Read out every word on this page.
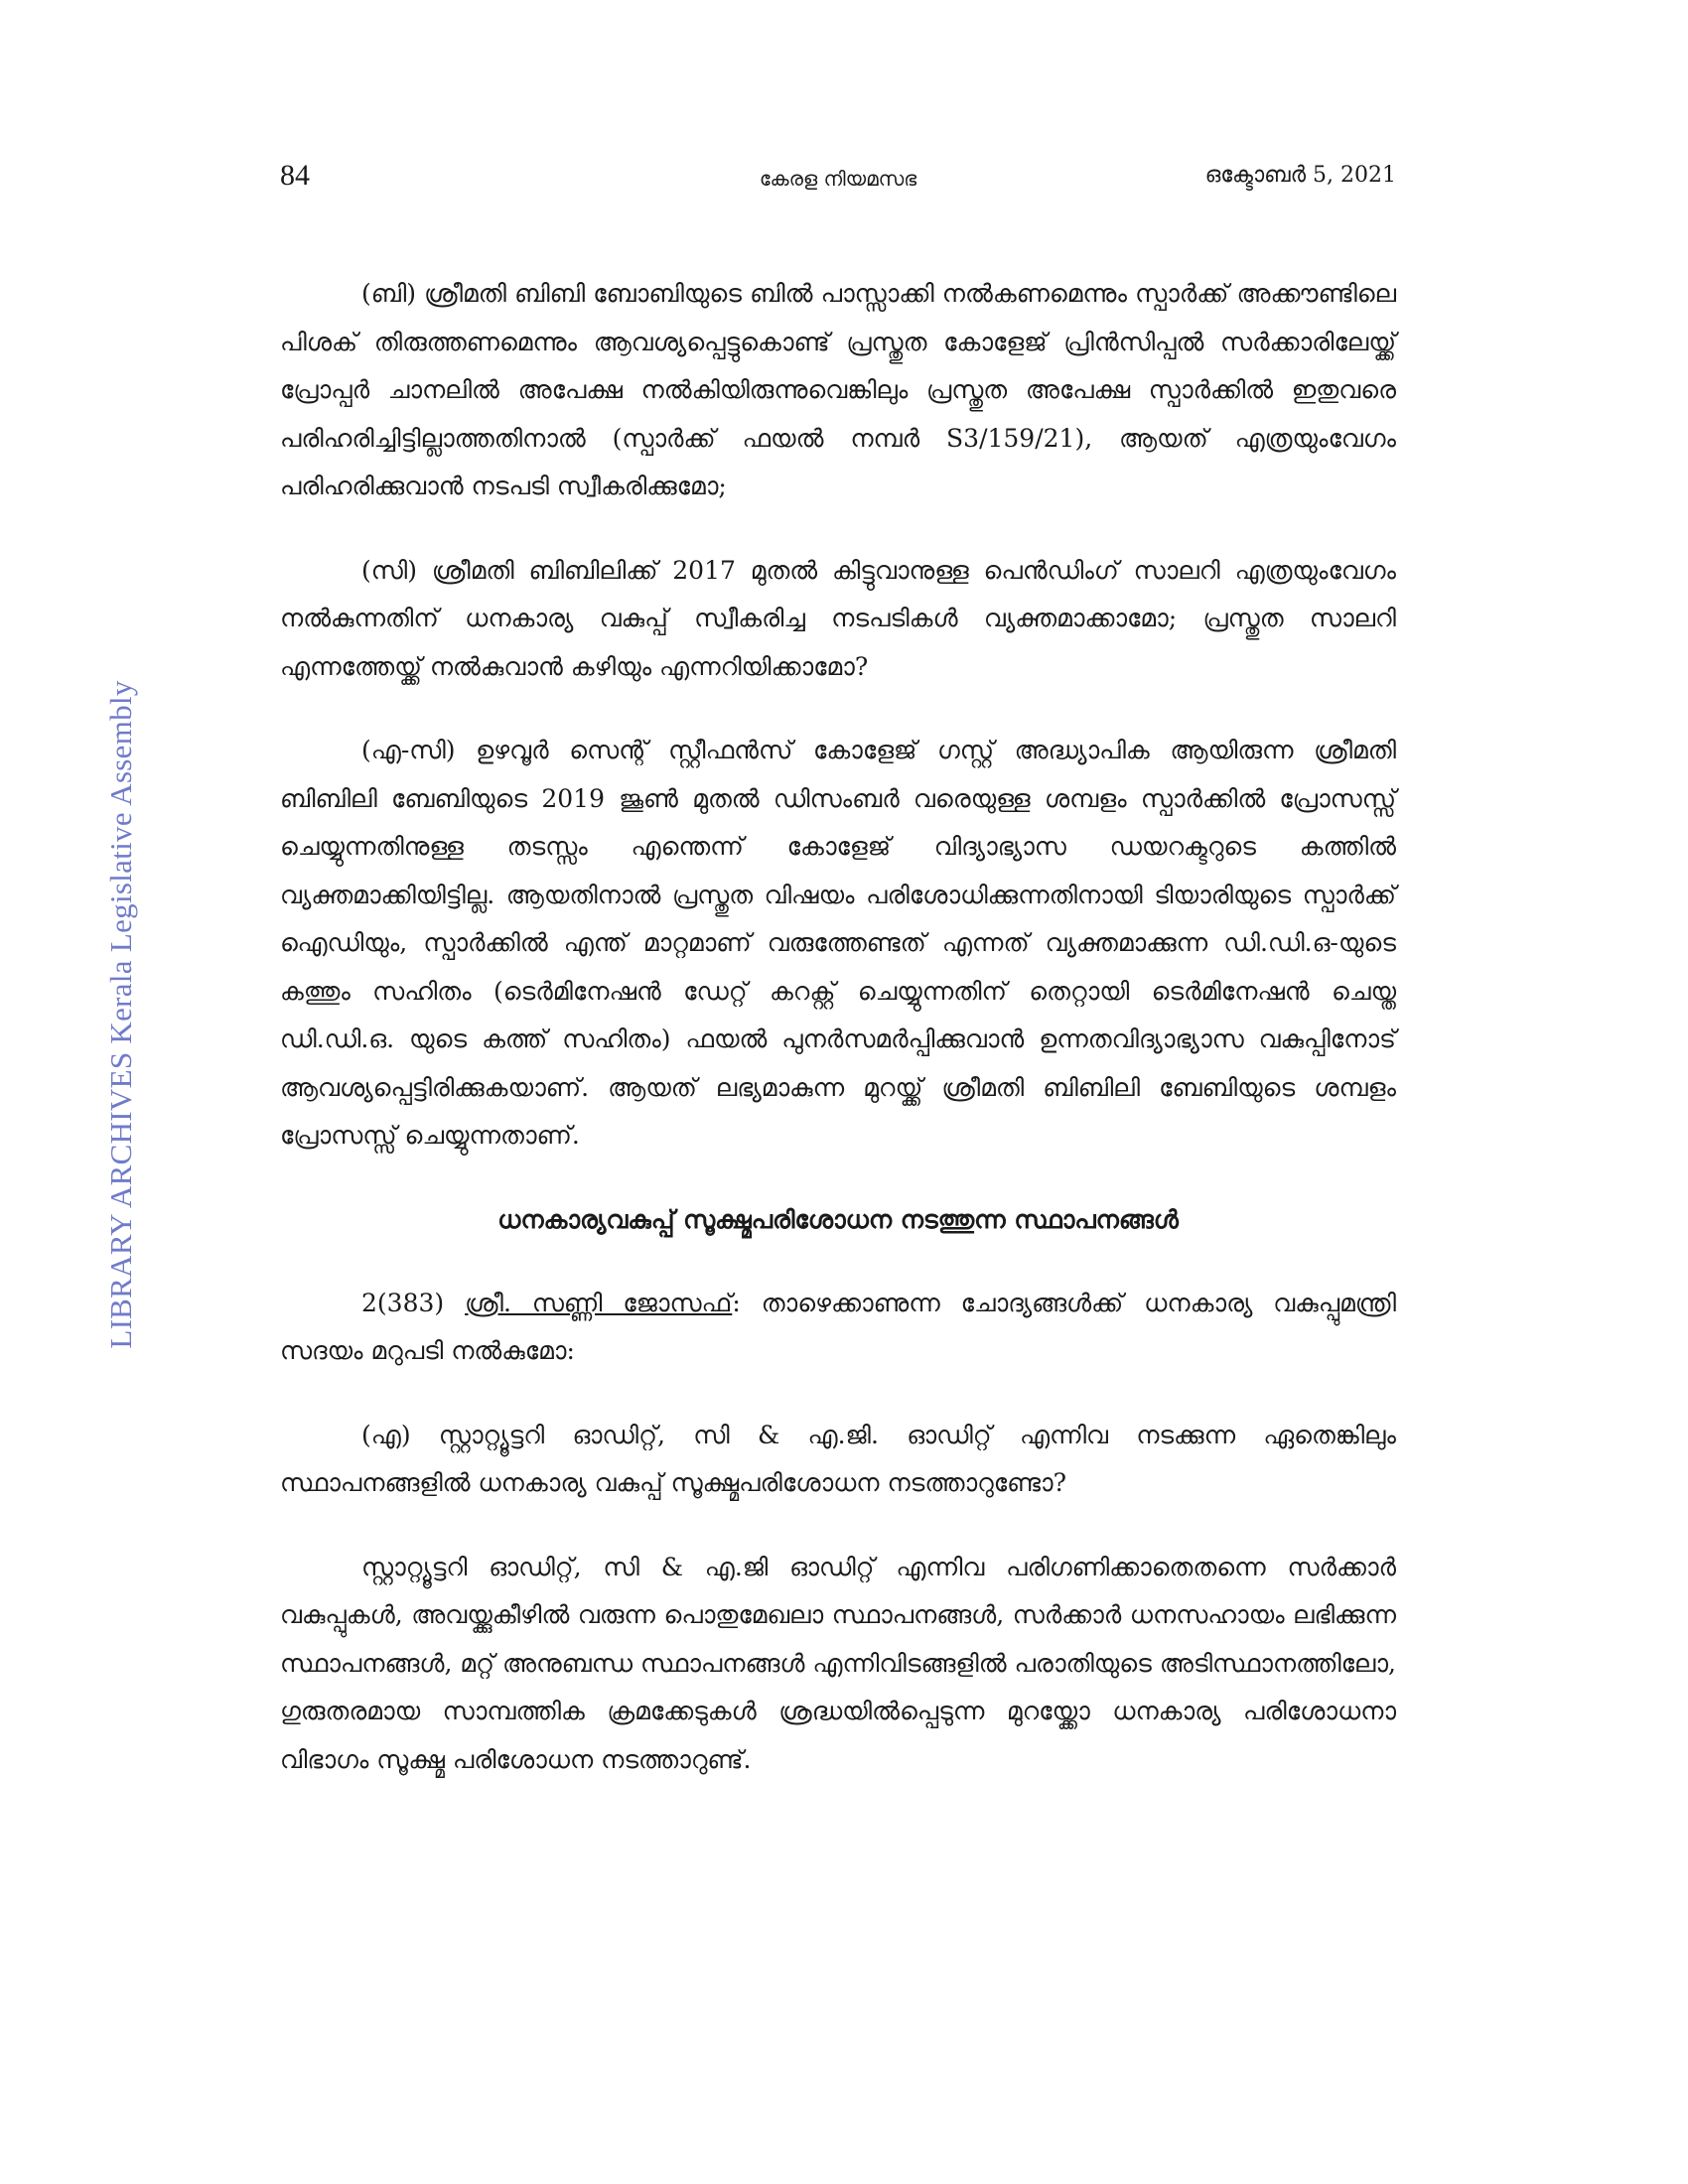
LIBRARY ARCHIVES Kerala Legislative Assembly
84	കേരള നിയമസഭ	ഒക്ടോബർ 5, 2021

(ബി) ശ്രീമതി ബിബി ബോബിയുടെ ബിൽ പാസ്സാക്കി നൽകണമെന്നും സ്പാർക്ക് അക്കൗണ്ടിലെ പിശക് തിരുത്തണമെന്നും ആവശ്യപ്പെട്ടുകൊണ്ട് പ്രസ്തുത കോളേജ് പ്രിൻസിപ്പൽ സർക്കാരിലേയ്ക്ക് പ്രോപ്പർ ചാനലിൽ അപേക്ഷ നൽകിയിരുന്നുവെങ്കിലും പ്രസ്തുത അപേക്ഷ സ്പാർക്കിൽ ഇതുവരെ പരിഹരിച്ചിട്ടില്ലാത്തതിനാൽ (സ്പാർക്ക് ഫയൽ നമ്പർ S3/159/21), ആയത് എത്രയുംവേഗം പരിഹരിക്കുവാൻ നടപടി സ്വീകരിക്കുമോ;

(സി) ശ്രീമതി ബിബിലിക്ക് 2017 മുതൽ കിട്ടുവാനുള്ള പെൻഡിംഗ് സാലറി എത്രയുംവേഗം നൽകുന്നതിന് ധനകാര്യ വകുപ്പ് സ്വീകരിച്ച നടപടികൾ വ്യക്തമാക്കാമോ; പ്രസ്തുത സാലറി എന്നത്തേയ്ക്ക് നൽകുവാൻ കഴിയും എന്നറിയിക്കാമോ?

(എ-സി) ഉഴവൂർ സെന്റ് സ്റ്റീഫൻസ് കോളേജ് ഗസ്റ്റ് അദ്ധ്യാപിക ആയിരുന്ന ശ്രീമതി ബിബിലി ബേബിയുടെ 2019 ജൂൺ മുതൽ ഡിസംബർ വരെയുള്ള ശമ്പളം സ്പാർക്കിൽ പ്രോസസ്സ് ചെയ്യുന്നതിനുള്ള തടസ്സം എന്തെന്ന് കോളേജ് വിദ്യാഭ്യാസ ഡയറക്ടറുടെ കത്തിൽ വ്യക്തമാക്കിയിട്ടില്ല. ആയതിനാൽ പ്രസ്തുത വിഷയം പരിശോധിക്കുന്നതിനായി ടിയാരിയുടെ സ്പാർക്ക് ഐഡിയും, സ്പാർക്കിൽ എന്ത് മാറ്റമാണ് വരുത്തേണ്ടത് എന്നത് വ്യക്തമാക്കുന്ന ഡി.ഡി.ഒ-യുടെ കത്തും സഹിതം (ടെർമിനേഷൻ ഡേറ്റ് കറക്റ്റ് ചെയ്യുന്നതിന് തെറ്റായി ടെർമിനേഷൻ ചെയ്ത ഡി.ഡി.ഒ. യുടെ കത്ത് സഹിതം) ഫയൽ പുനർസമർപ്പിക്കുവാൻ ഉന്നതവിദ്യാഭ്യാസ വകുപ്പിനോട് ആവശ്യപ്പെട്ടിരിക്കുകയാണ്. ആയത് ലഭ്യമാകുന്ന മുറയ്ക്ക് ശ്രീമതി ബിബിലി ബേബിയുടെ ശമ്പളം പ്രോസസ്സ് ചെയ്യുന്നതാണ്.

ധനകാര്യവകുപ്പ് സൂക്ഷ്മപരിശോധന നടത്തുന്ന സ്ഥാപനങ്ങൾ

2(383) ശ്രീ. സണ്ണി ജോസഫ്: താഴെക്കാണുന്ന ചോദ്യങ്ങൾക്ക് ധനകാര്യ വകുപ്പുമന്ത്രി സദയം മറുപടി നൽകുമോ:

(എ) സ്റ്റാറ്റ്യൂട്ടറി ഓഡിറ്റ്, സി & എ.ജി. ഓഡിറ്റ് എന്നിവ നടക്കുന്ന ഏതെങ്കിലും സ്ഥാപനങ്ങളിൽ ധനകാര്യ വകുപ്പ് സൂക്ഷ്മപരിശോധന നടത്താറുണ്ടോ?

സ്റ്റാറ്റ്യൂട്ടറി ഓഡിറ്റ്, സി & എ.ജി ഓഡിറ്റ് എന്നിവ പരിഗണിക്കാതെതന്നെ സർക്കാർ വകുപ്പുകൾ, അവയ്ക്കുകീഴിൽ വരുന്ന പൊതുമേഖലാ സ്ഥാപനങ്ങൾ, സർക്കാർ ധനസഹായം ലഭിക്കുന്ന സ്ഥാപനങ്ങൾ, മറ്റ് അനുബന്ധ സ്ഥാപനങ്ങൾ എന്നിവിടങ്ങളിൽ പരാതിയുടെ അടിസ്ഥാനത്തിലോ, ഗുരുതരമായ സാമ്പത്തിക ക്രമക്കേടുകൾ ശ്രദ്ധയിൽപ്പെടുന്ന മുറയ്ക്കോ ധനകാര്യ പരിശോധനാ വിഭാഗം സൂക്ഷ്മ പരിശോധന നടത്താറുണ്ട്.
